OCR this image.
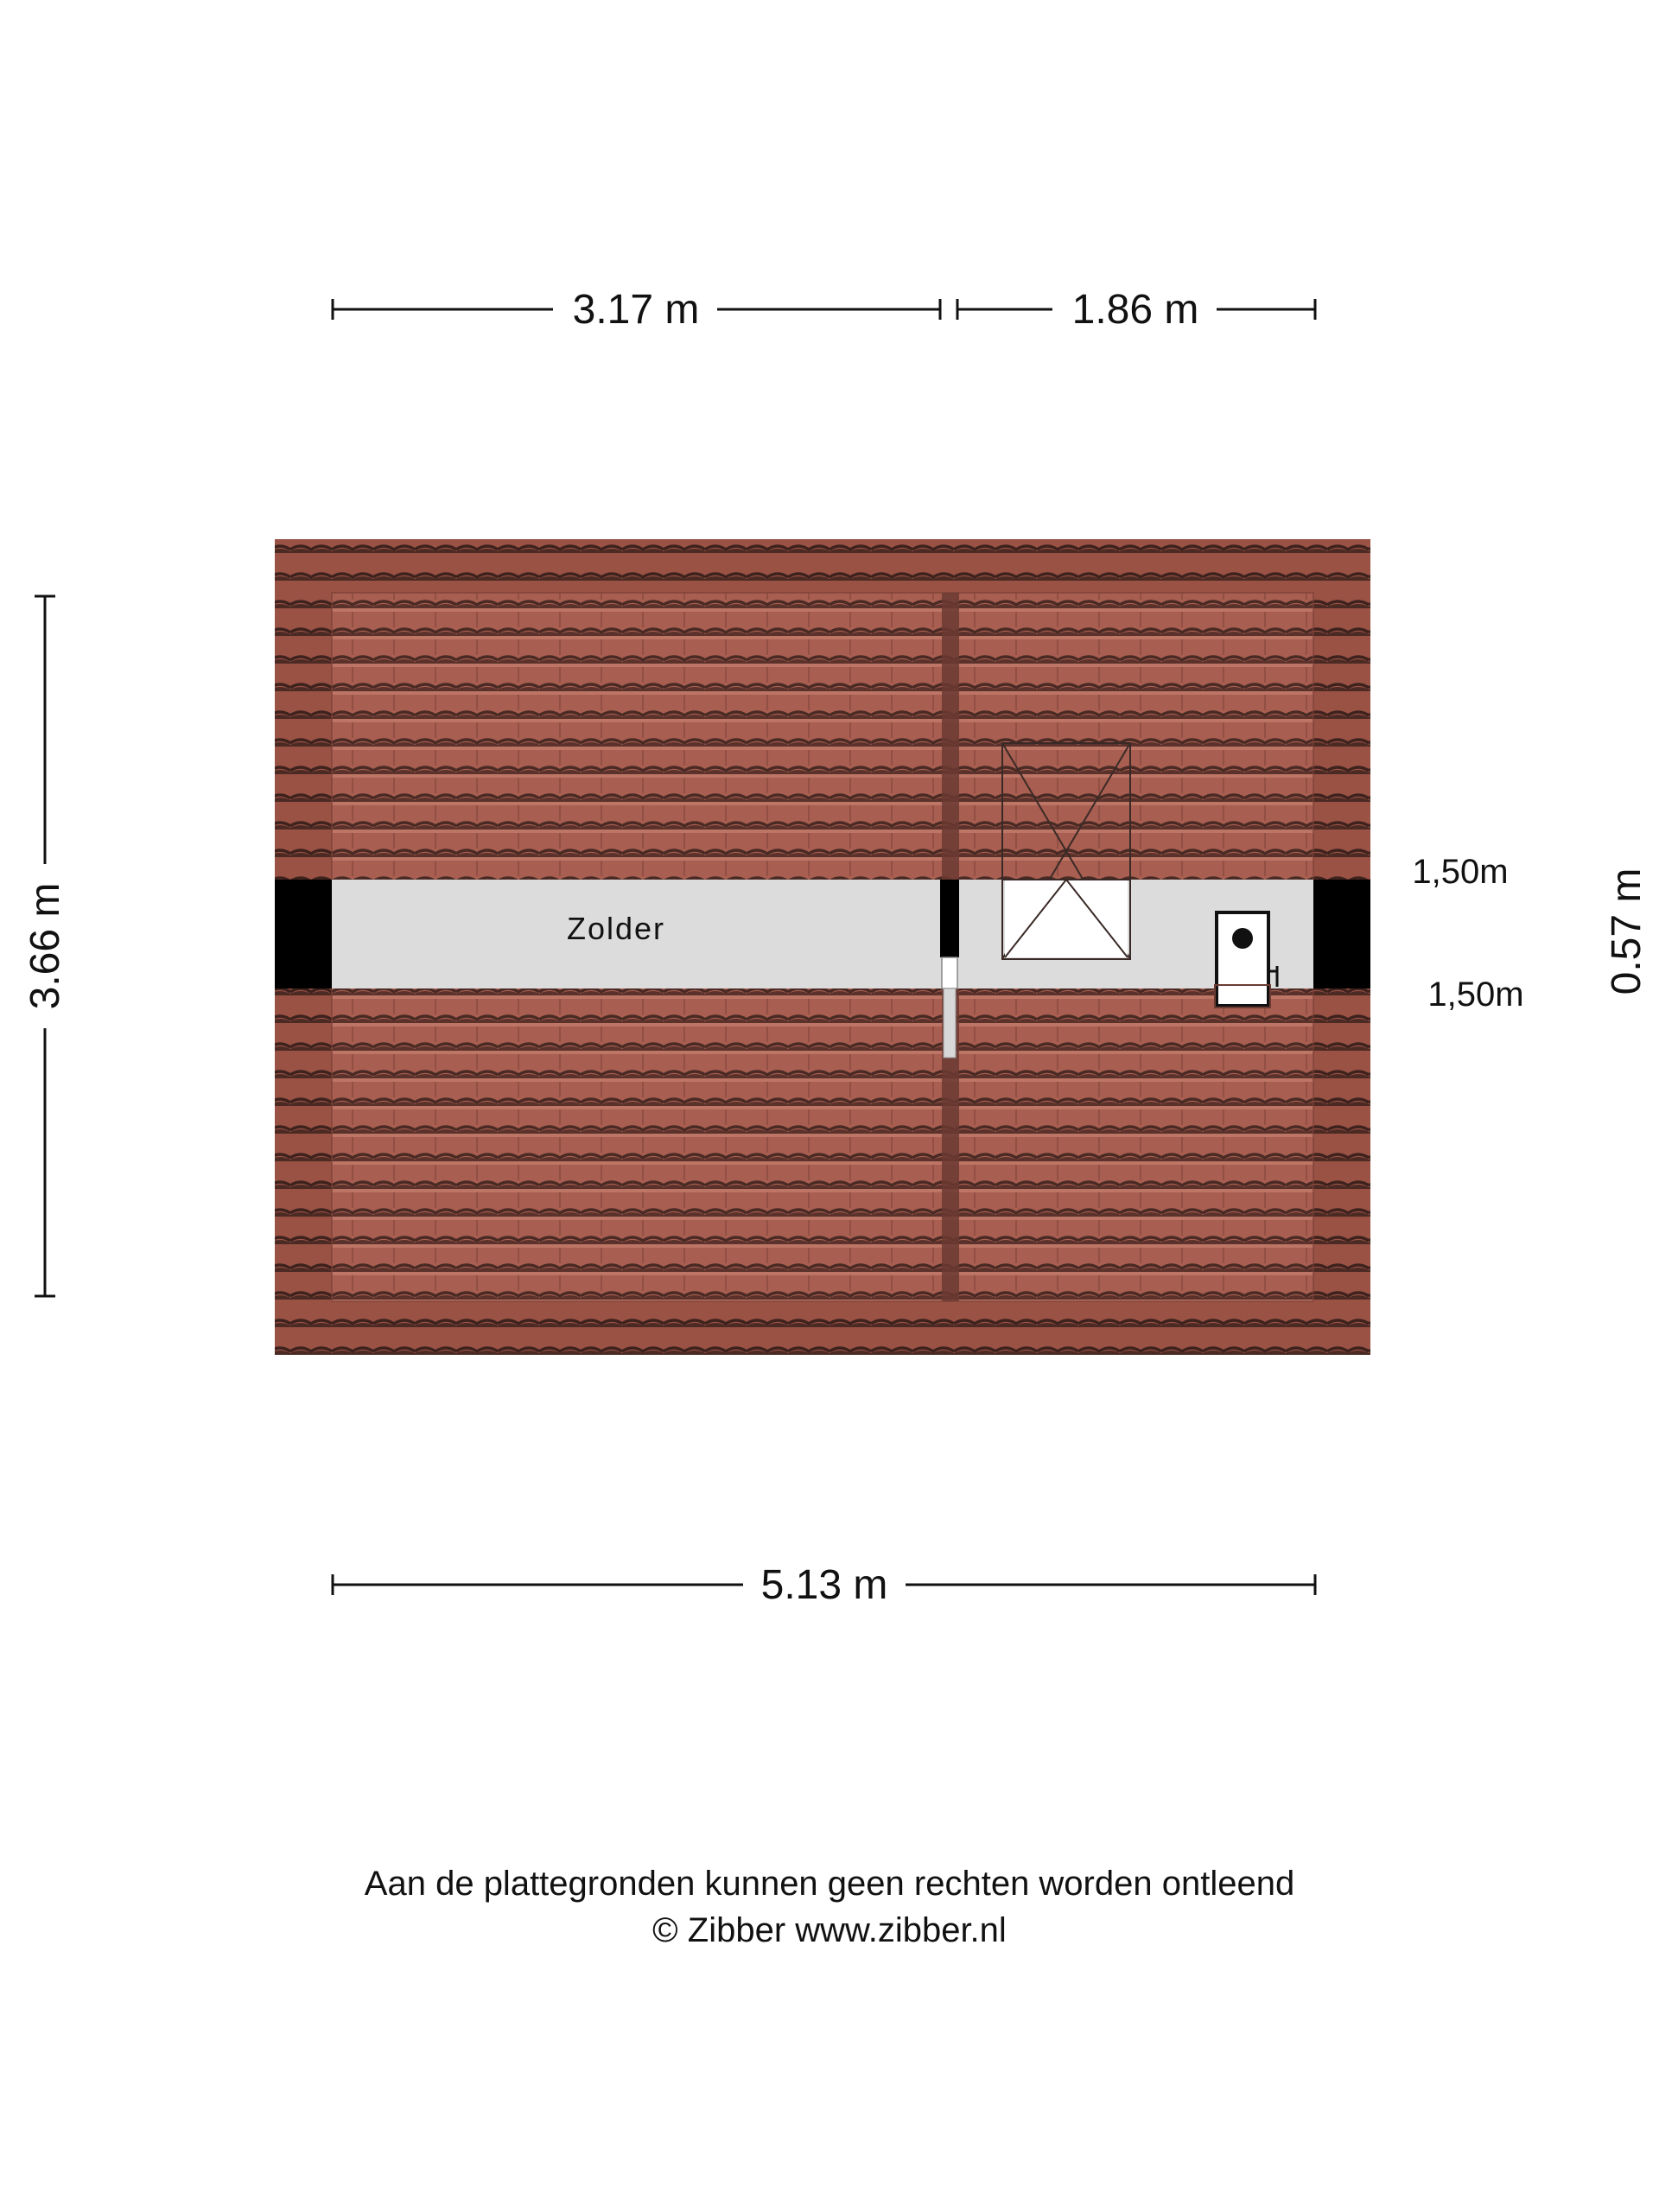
3.17 m	1.86 m
3.66 m	0.57 m
Zolder
1,50m
1,50m
5.13 m
Aan de plattegronden kunnen geen rechten worden ontleend
© Zibber www.zibber.nl
